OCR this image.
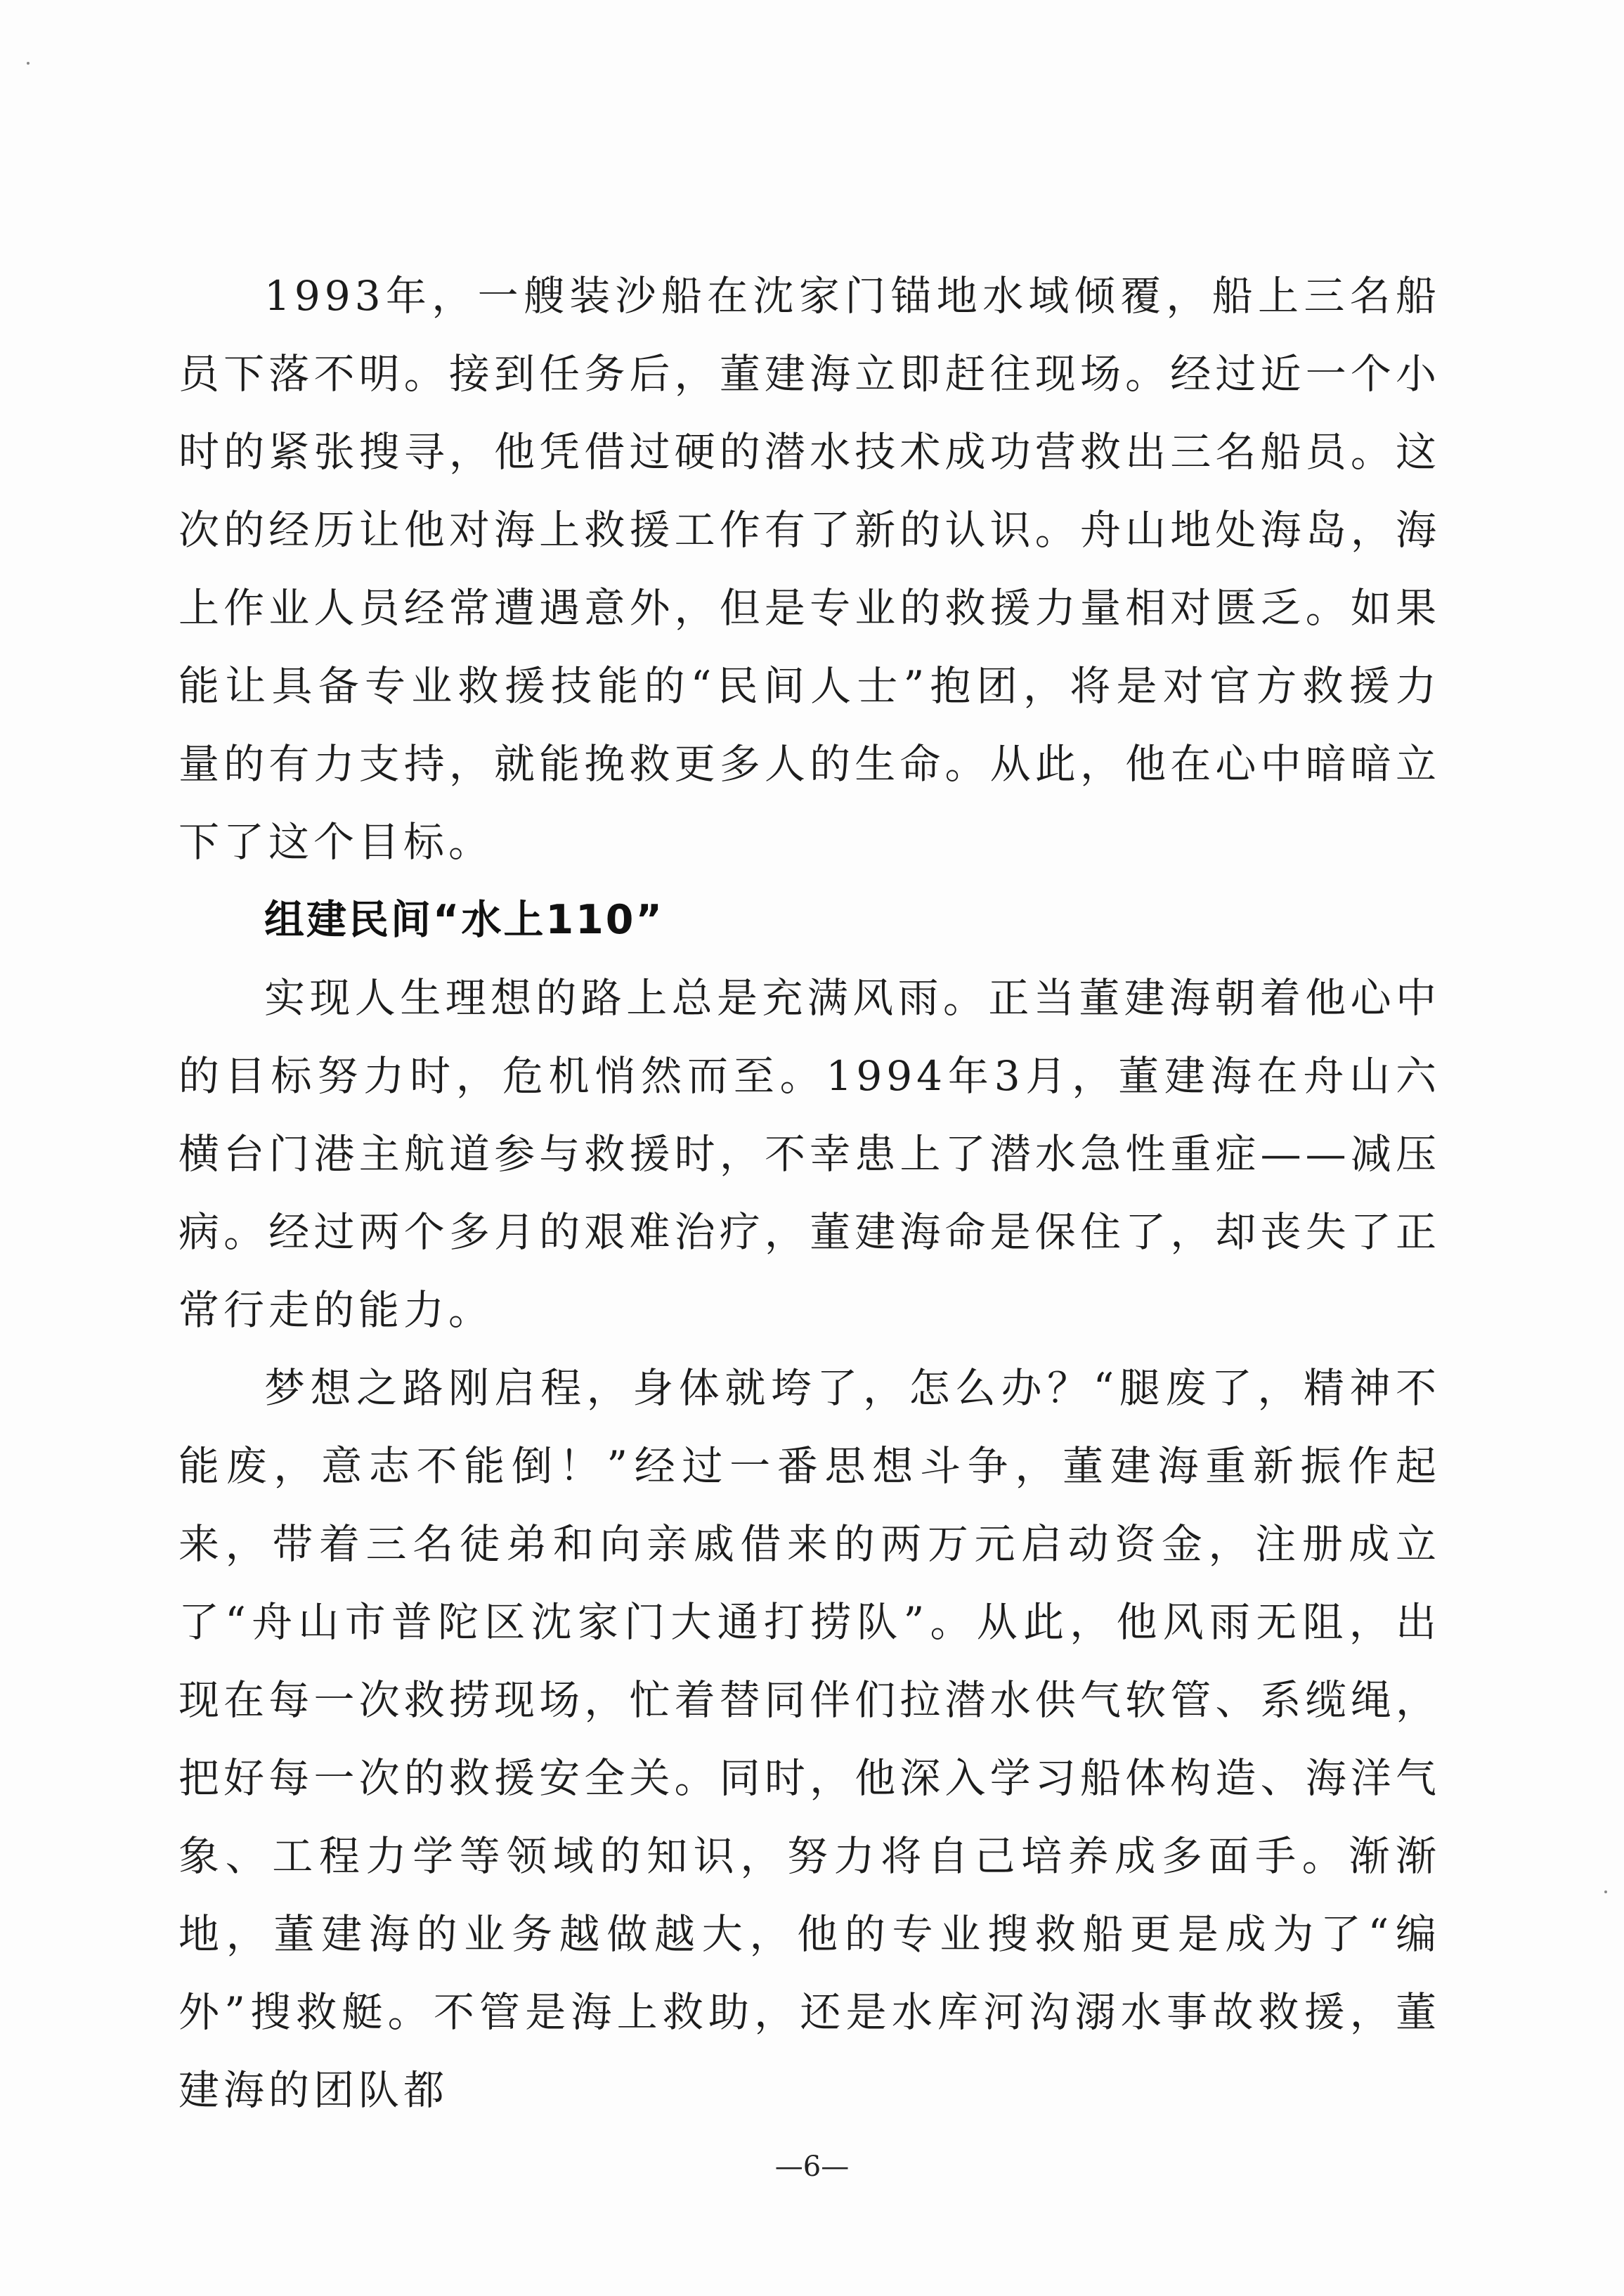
1993年，一艘装沙船在沈家门锚地水域倾覆，船上三名船员下落不明。接到任务后，董建海立即赶往现场。经过近一个小时的紧张搜寻，他凭借过硬的潜水技术成功营救出三名船员。这次的经历让他对海上救援工作有了新的认识。舟山地处海岛，海上作业人员经常遭遇意外，但是专业的救援力量相对匮乏。如果能让具备专业救援技能的“民间人士”抱团，将是对官方救援力量的有力支持，就能挽救更多人的生命。从此，他在心中暗暗立下了这个目标。

组建民间“水上110”

实现人生理想的路上总是充满风雨。正当董建海朝着他心中的目标努力时，危机悄然而至。1994年3月，董建海在舟山六横台门港主航道参与救援时，不幸患上了潜水急性重症——减压病。经过两个多月的艰难治疗，董建海命是保住了，却丧失了正常行走的能力。

梦想之路刚启程，身体就垮了，怎么办？“腿废了，精神不能废，意志不能倒！”经过一番思想斗争，董建海重新振作起来，带着三名徒弟和向亲戚借来的两万元启动资金，注册成立了“舟山市普陀区沈家门大通打捞队”。从此，他风雨无阻，出现在每一次救捞现场，忙着替同伴们拉潜水供气软管、系缆绳，把好每一次的救援安全关。同时，他深入学习船体构造、海洋气象、工程力学等领域的知识，努力将自己培养成多面手。渐渐地，董建海的业务越做越大，他的专业搜救船更是成为了“编外”搜救艇。不管是海上救助，还是水库河沟溺水事故救援，董建海的团队都

—6—
